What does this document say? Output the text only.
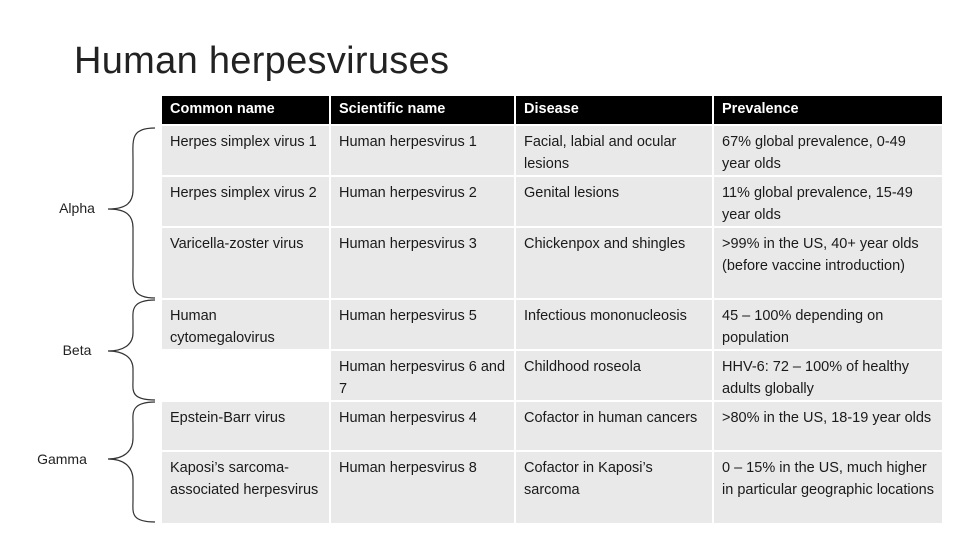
Human herpesviruses
Alpha
Beta
Gamma
Common name	Scientific name	Disease	Prevalence
Herpes simplex virus 1	Human herpesvirus 1	Facial, labial and ocular lesions	67% global prevalence, 0-49 year olds
Herpes simplex virus 2	Human herpesvirus 2	Genital lesions	11% global prevalence, 15-49 year olds
Varicella-zoster virus	Human herpesvirus 3	Chickenpox and shingles	>99% in the US, 40+ year olds (before vaccine introduction)
Human cytomegalovirus	Human herpesvirus 5	Infectious mononucleosis	45 – 100% depending on population
	Human herpesvirus 6 and 7	Childhood roseola	HHV-6: 72 – 100% of healthy adults globally
Epstein-Barr virus	Human herpesvirus 4	Cofactor in human cancers	>80% in the US, 18-19 year olds
Kaposi’s sarcoma-associated herpesvirus	Human herpesvirus 8	Cofactor in Kaposi’s sarcoma	0 – 15% in the US, much higher in particular geographic locations
